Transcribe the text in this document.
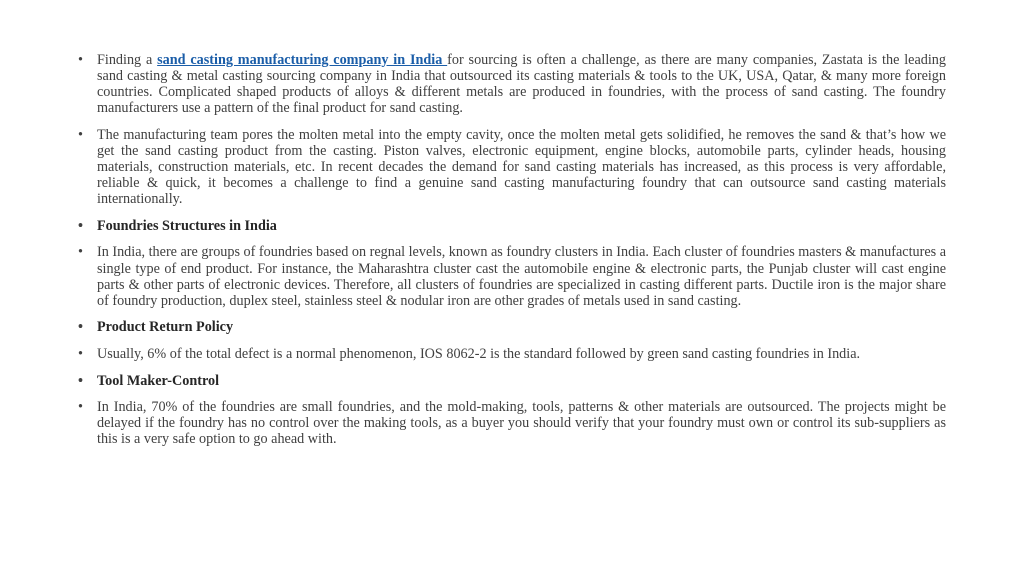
• Finding a sand casting manufacturing company in India for sourcing is often a challenge, as there are many companies, Zastata is the leading sand casting & metal casting sourcing company in India that outsourced its casting materials & tools to the UK, USA, Qatar, & many more foreign countries. Complicated shaped products of alloys & different metals are produced in foundries, with the process of sand casting. The foundry manufacturers use a pattern of the final product for sand casting.
• The manufacturing team pores the molten metal into the empty cavity, once the molten metal gets solidified, he removes the sand & that’s how we get the sand casting product from the casting. Piston valves, electronic equipment, engine blocks, automobile parts, cylinder heads, housing materials, construction materials, etc. In recent decades the demand for sand casting materials has increased, as this process is very affordable, reliable & quick, it becomes a challenge to find a genuine sand casting manufacturing foundry that can outsource sand casting materials internationally.
• Foundries Structures in India
• In India, there are groups of foundries based on regnal levels, known as foundry clusters in India. Each cluster of foundries masters & manufactures a single type of end product. For instance, the Maharashtra cluster cast the automobile engine & electronic parts, the Punjab cluster will cast engine parts & other parts of electronic devices. Therefore, all clusters of foundries are specialized in casting different parts. Ductile iron is the major share of foundry production, duplex steel, stainless steel & nodular iron are other grades of metals used in sand casting.
• Product Return Policy
• Usually, 6% of the total defect is a normal phenomenon, IOS 8062-2 is the standard followed by green sand casting foundries in India.
• Tool Maker-Control
• In India, 70% of the foundries are small foundries, and the mold-making, tools, patterns & other materials are outsourced. The projects might be delayed if the foundry has no control over the making tools, as a buyer you should verify that your foundry must own or control its sub-suppliers as this is a very safe option to go ahead with.
